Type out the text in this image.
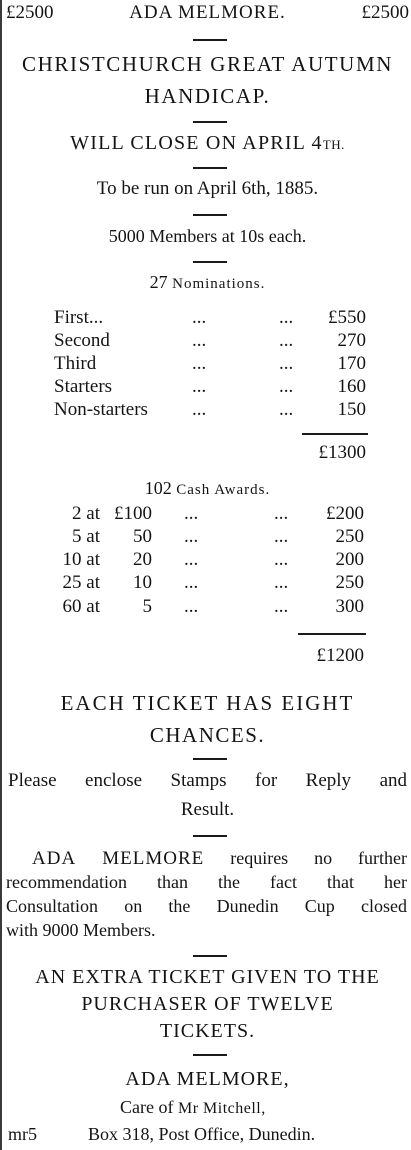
£2500	ADA MELMORE.	£2500
CHRISTCHURCH GREAT AUTUMN
HANDICAP.
WILL CLOSE ON APRIL 4TH.
To be run on April 6th, 1885.
5000 Members at 10s each.
27 Nominations.
First...	...	...	£550
Second	...	...	270
Third	...	...	170
Starters	...	...	160
Non-starters ...	...	150
£1300
102 Cash Awards.
2 at £100 ...	...	£200
5 at	50 ...	...	250
10 at	20 ...	...	200
25 at	10 ...	...	250
60 at	5 ...	...	300
£1200
EACH TICKET HAS EIGHT
CHANCES.
Please enclose Stamps for Reply and
Result.
ADA MELMORE requires no further
recommendation than the fact that her
Consultation on the Dunedin Cup closed
with 9000 Members.
AN EXTRA TICKET GIVEN TO THE
PURCHASER OF TWELVE
TICKETS.
ADA MELMORE,
Care of Mr Mitchell,
mr5	Box 318, Post Office, Dunedin.
